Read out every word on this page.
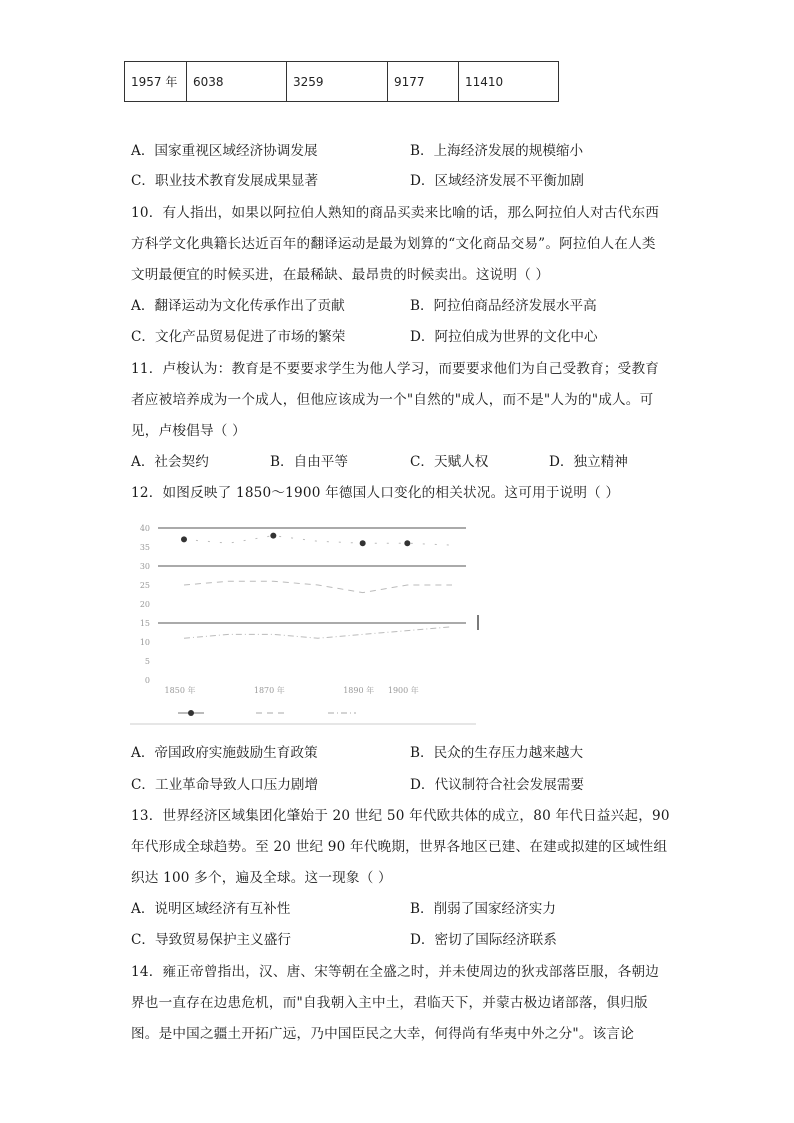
1957 年	6038	3259	9177	11410
A．国家重视区域经济协调发展	B．上海经济发展的规模缩小
C．职业技术教育发展成果显著	D．区域经济发展不平衡加剧
10．有人指出，如果以阿拉伯人熟知的商品买卖来比喻的话，那么阿拉伯人对古代东西
方科学文化典籍长达近百年的翻译运动是最为划算的“文化商品交易”。阿拉伯人在人类
文明最便宜的时候买进，在最稀缺、最昂贵的时候卖出。这说明（ ）
A．翻译运动为文化传承作出了贡献	B．阿拉伯商品经济发展水平高
C．文化产品贸易促进了市场的繁荣	D．阿拉伯成为世界的文化中心
11．卢梭认为：教育是不要要求学生为他人学习，而要要求他们为自己受教育；受教育
者应被培养成为一个成人，但他应该成为一个"自然的"成人，而不是"人为的"成人。可
见，卢梭倡导（ ）
A．社会契约	B．自由平等	C．天赋人权	D．独立精神
12．如图反映了 1850～1900 年德国人口变化的相关状况。这可用于说明（ ）
40
35
30
25
20
15
10
5
0
1850 年	1870 年	1890 年 1900 年
A．帝国政府实施鼓励生育政策	B．民众的生存压力越来越大
C．工业革命导致人口压力剧增	D．代议制符合社会发展需要
13．世界经济区域集团化肇始于 20 世纪 50 年代欧共体的成立，80 年代日益兴起，90
年代形成全球趋势。至 20 世纪 90 年代晚期，世界各地区已建、在建或拟建的区域性组
织达 100 多个，遍及全球。这一现象（ ）
A．说明区域经济有互补性	B．削弱了国家经济实力
C．导致贸易保护主义盛行	D．密切了国际经济联系
14．雍正帝曾指出，汉、唐、宋等朝在全盛之时，并未使周边的狄戎部落臣服，各朝边
界也一直存在边患危机，而"自我朝入主中土，君临天下，并蒙古极边诸部落，俱归版
图。是中国之疆土开拓广远，乃中国臣民之大幸，何得尚有华夷中外之分"。该言论
